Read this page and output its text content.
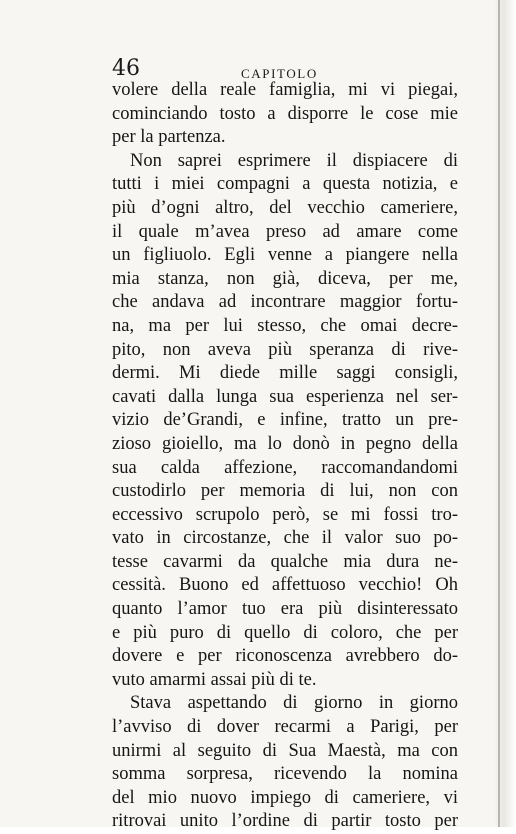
46	CAPITOLO
volere della reale famiglia, mi vi piegai,
cominciando tosto a disporre le cose mie
per la partenza.
Non saprei esprimere il dispiacere di
tutti i miei compagni a questa notizia, e
più d’ogni altro, del vecchio cameriere,
il quale m’avea preso ad amare come
un figliuolo. Egli venne a piangere nella
mia stanza, non già, diceva, per me,
che andava ad incontrare maggior fortu-
na, ma per lui stesso, che omai decre-
pito, non aveva più speranza di rive-
dermi. Mi diede mille saggi consigli,
cavati dalla lunga sua esperienza nel ser-
vizio de’Grandi, e infine, tratto un pre-
zioso gioiello, ma lo donò in pegno della
sua calda affezione, raccomandandomi
custodirlo per memoria di lui, non con
eccessivo scrupolo però, se mi fossi tro-
vato in circostanze, che il valor suo po-
tesse cavarmi da qualche mia dura ne-
cessità. Buono ed affettuoso vecchio! Oh
quanto l’amor tuo era più disinteressato
e più puro di quello di coloro, che per
dovere e per riconoscenza avrebbero do-
vuto amarmi assai più di te.
Stava aspettando di giorno in giorno
l’avviso di dover recarmi a Parigi, per
unirmi al seguito di Sua Maestà, ma con
somma sorpresa, ricevendo la nomina
del mio nuovo impiego di cameriere, vi
ritrovai unito l’ordine di partir tosto per
